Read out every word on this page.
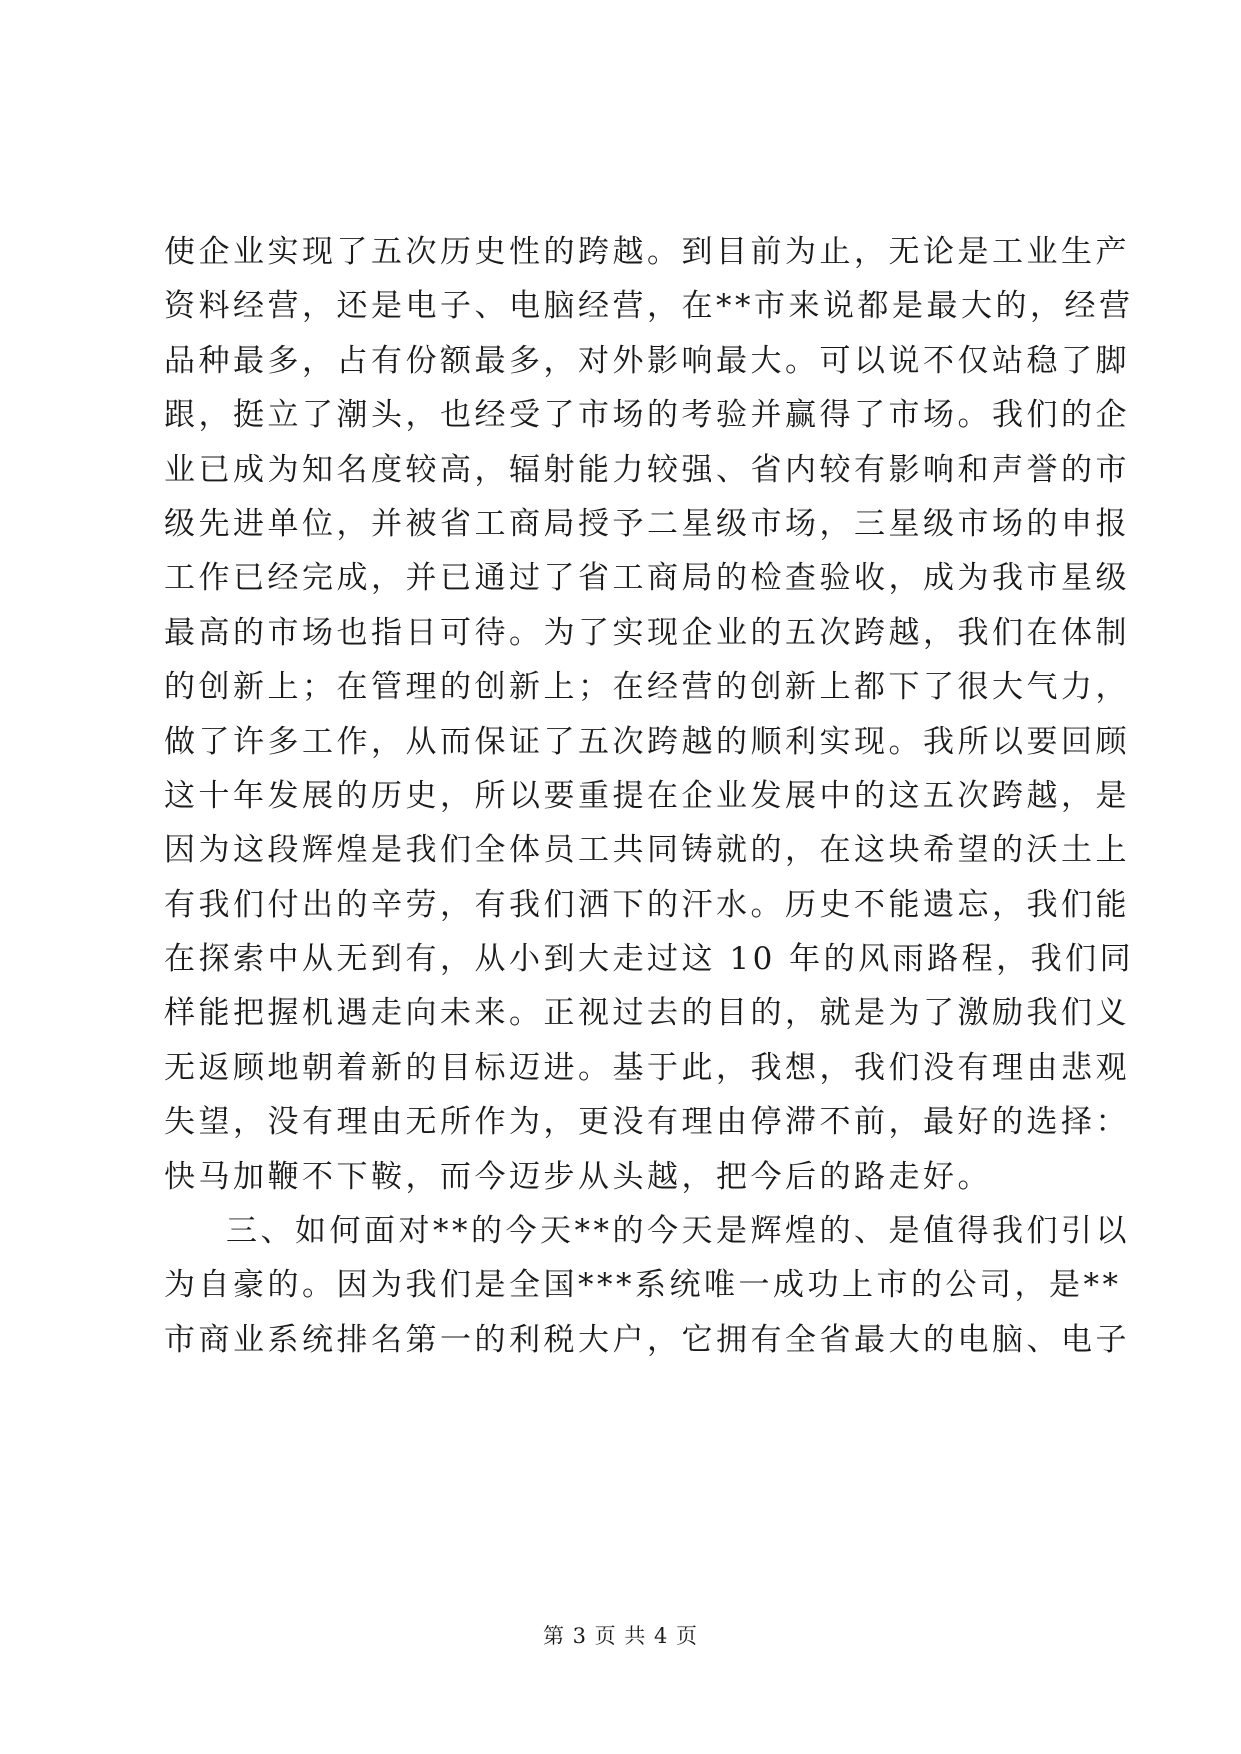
使企业实现了五次历史性的跨越。到目前为止，无论是工业生产
资料经营，还是电子、电脑经营，在**市来说都是最大的，经营
品种最多，占有份额最多，对外影响最大。可以说不仅站稳了脚
跟，挺立了潮头，也经受了市场的考验并赢得了市场。我们的企
业已成为知名度较高，辐射能力较强、省内较有影响和声誉的市
级先进单位，并被省工商局授予二星级市场，三星级市场的申报
工作已经完成，并已通过了省工商局的检查验收，成为我市星级
最高的市场也指日可待。为了实现企业的五次跨越，我们在体制
的创新上；在管理的创新上；在经营的创新上都下了很大气力，
做了许多工作，从而保证了五次跨越的顺利实现。我所以要回顾
这十年发展的历史，所以要重提在企业发展中的这五次跨越，是
因为这段辉煌是我们全体员工共同铸就的，在这块希望的沃土上
有我们付出的辛劳，有我们洒下的汗水。历史不能遗忘，我们能
在探索中从无到有，从小到大走过这 10 年的风雨路程，我们同
样能把握机遇走向未来。正视过去的目的，就是为了激励我们义
无返顾地朝着新的目标迈进。基于此，我想，我们没有理由悲观
失望，没有理由无所作为，更没有理由停滞不前，最好的选择：
快马加鞭不下鞍，而今迈步从头越，把今后的路走好。
三、如何面对**的今天**的今天是辉煌的、是值得我们引以
为自豪的。因为我们是全国***系统唯一成功上市的公司，是**
市商业系统排名第一的利税大户，它拥有全省最大的电脑、电子
第 3 页 共 4 页
